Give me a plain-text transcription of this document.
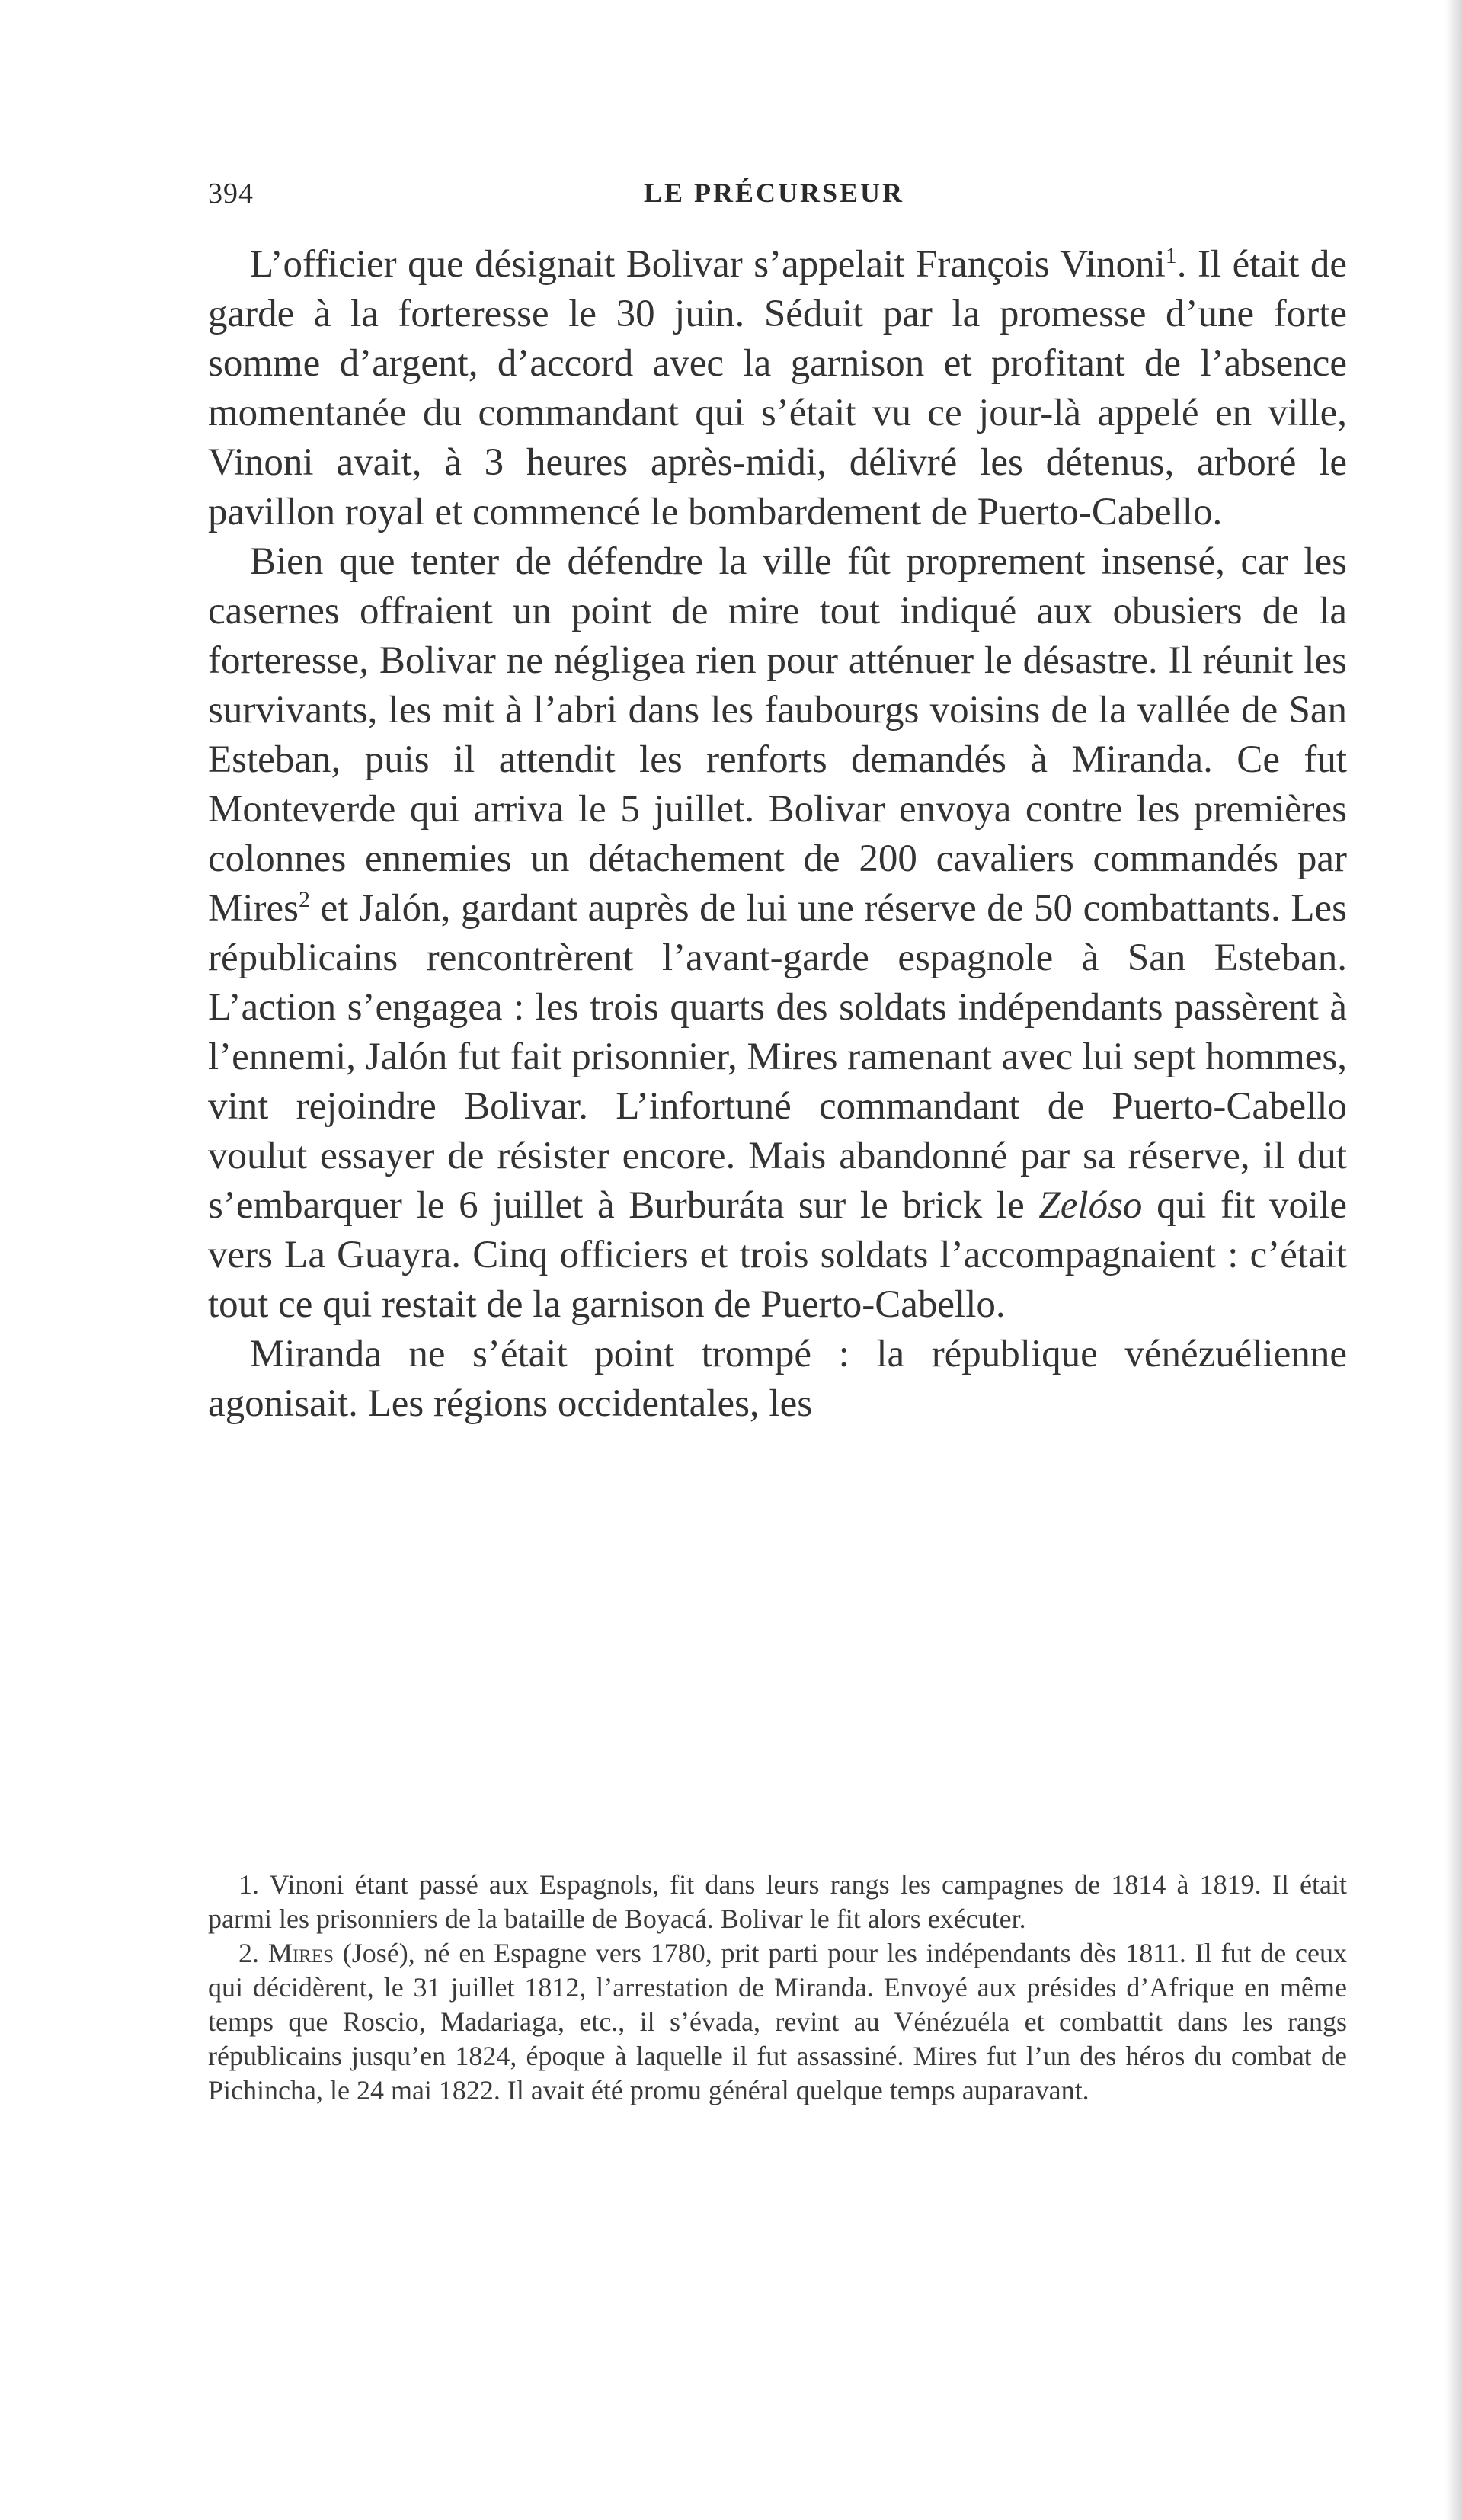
394	LE PRÉCURSEUR

L’officier que désignait Bolivar s’appelait François Vinoni$^1$. Il était de garde à la forteresse le 30 juin. Séduit par la promesse d’une forte somme d’argent, d’accord avec la garnison et profitant de l’absence momentanée du commandant qui s’était vu ce jour-là appelé en ville, Vinoni avait, à 3 heures après-midi, délivré les détenus, arboré le pavillon royal et commencé le bombardement de Puerto-Cabello.

Bien que tenter de défendre la ville fût proprement insensé, car les casernes offraient un point de mire tout indiqué aux obusiers de la forteresse, Bolivar ne négligea rien pour atténuer le désastre. Il réunit les survivants, les mit à l’abri dans les faubourgs voisins de la vallée de San Esteban, puis il attendit les renforts demandés à Miranda. Ce fut Monteverde qui arriva le 5 juillet. Bolivar envoya contre les premières colonnes ennemies un détachement de 200 cavaliers commandés par Mires$^2$ et Jalón, gardant auprès de lui une réserve de 50 combattants. Les républicains rencontrèrent l’avant-garde espagnole à San Esteban. L’action s’engagea : les trois quarts des soldats indépendants passèrent à l’ennemi, Jalón fut fait prisonnier, Mires ramenant avec lui sept hommes, vint rejoindre Bolivar. L’infortuné commandant de Puerto-Cabello voulut essayer de résister encore. Mais abandonné par sa réserve, il dut s’embarquer le 6 juillet à Burburáta sur le brick le Zelóso qui fit voile vers La Guayra. Cinq officiers et trois soldats l’accompagnaient : c’était tout ce qui restait de la garnison de Puerto-Cabello.

Miranda ne s’était point trompé : la république vénézuélienne agonisait. Les régions occidentales, les

1. Vinoni étant passé aux Espagnols, fit dans leurs rangs les campagnes de 1814 à 1819. Il était parmi les prisonniers de la bataille de Boyacá. Bolivar le fit alors exécuter.

2. Mires (José), né en Espagne vers 1780, prit parti pour les indépendants dès 1811. Il fut de ceux qui décidèrent, le 31 juillet 1812, l’arrestation de Miranda. Envoyé aux présides d’Afrique en même temps que Roscio, Madariaga, etc., il s’évada, revint au Vénézuéla et combattit dans les rangs républicains jusqu’en 1824, époque à laquelle il fut assassiné. Mires fut l’un des héros du combat de Pichincha, le 24 mai 1822. Il avait été promu général quelque temps auparavant.
